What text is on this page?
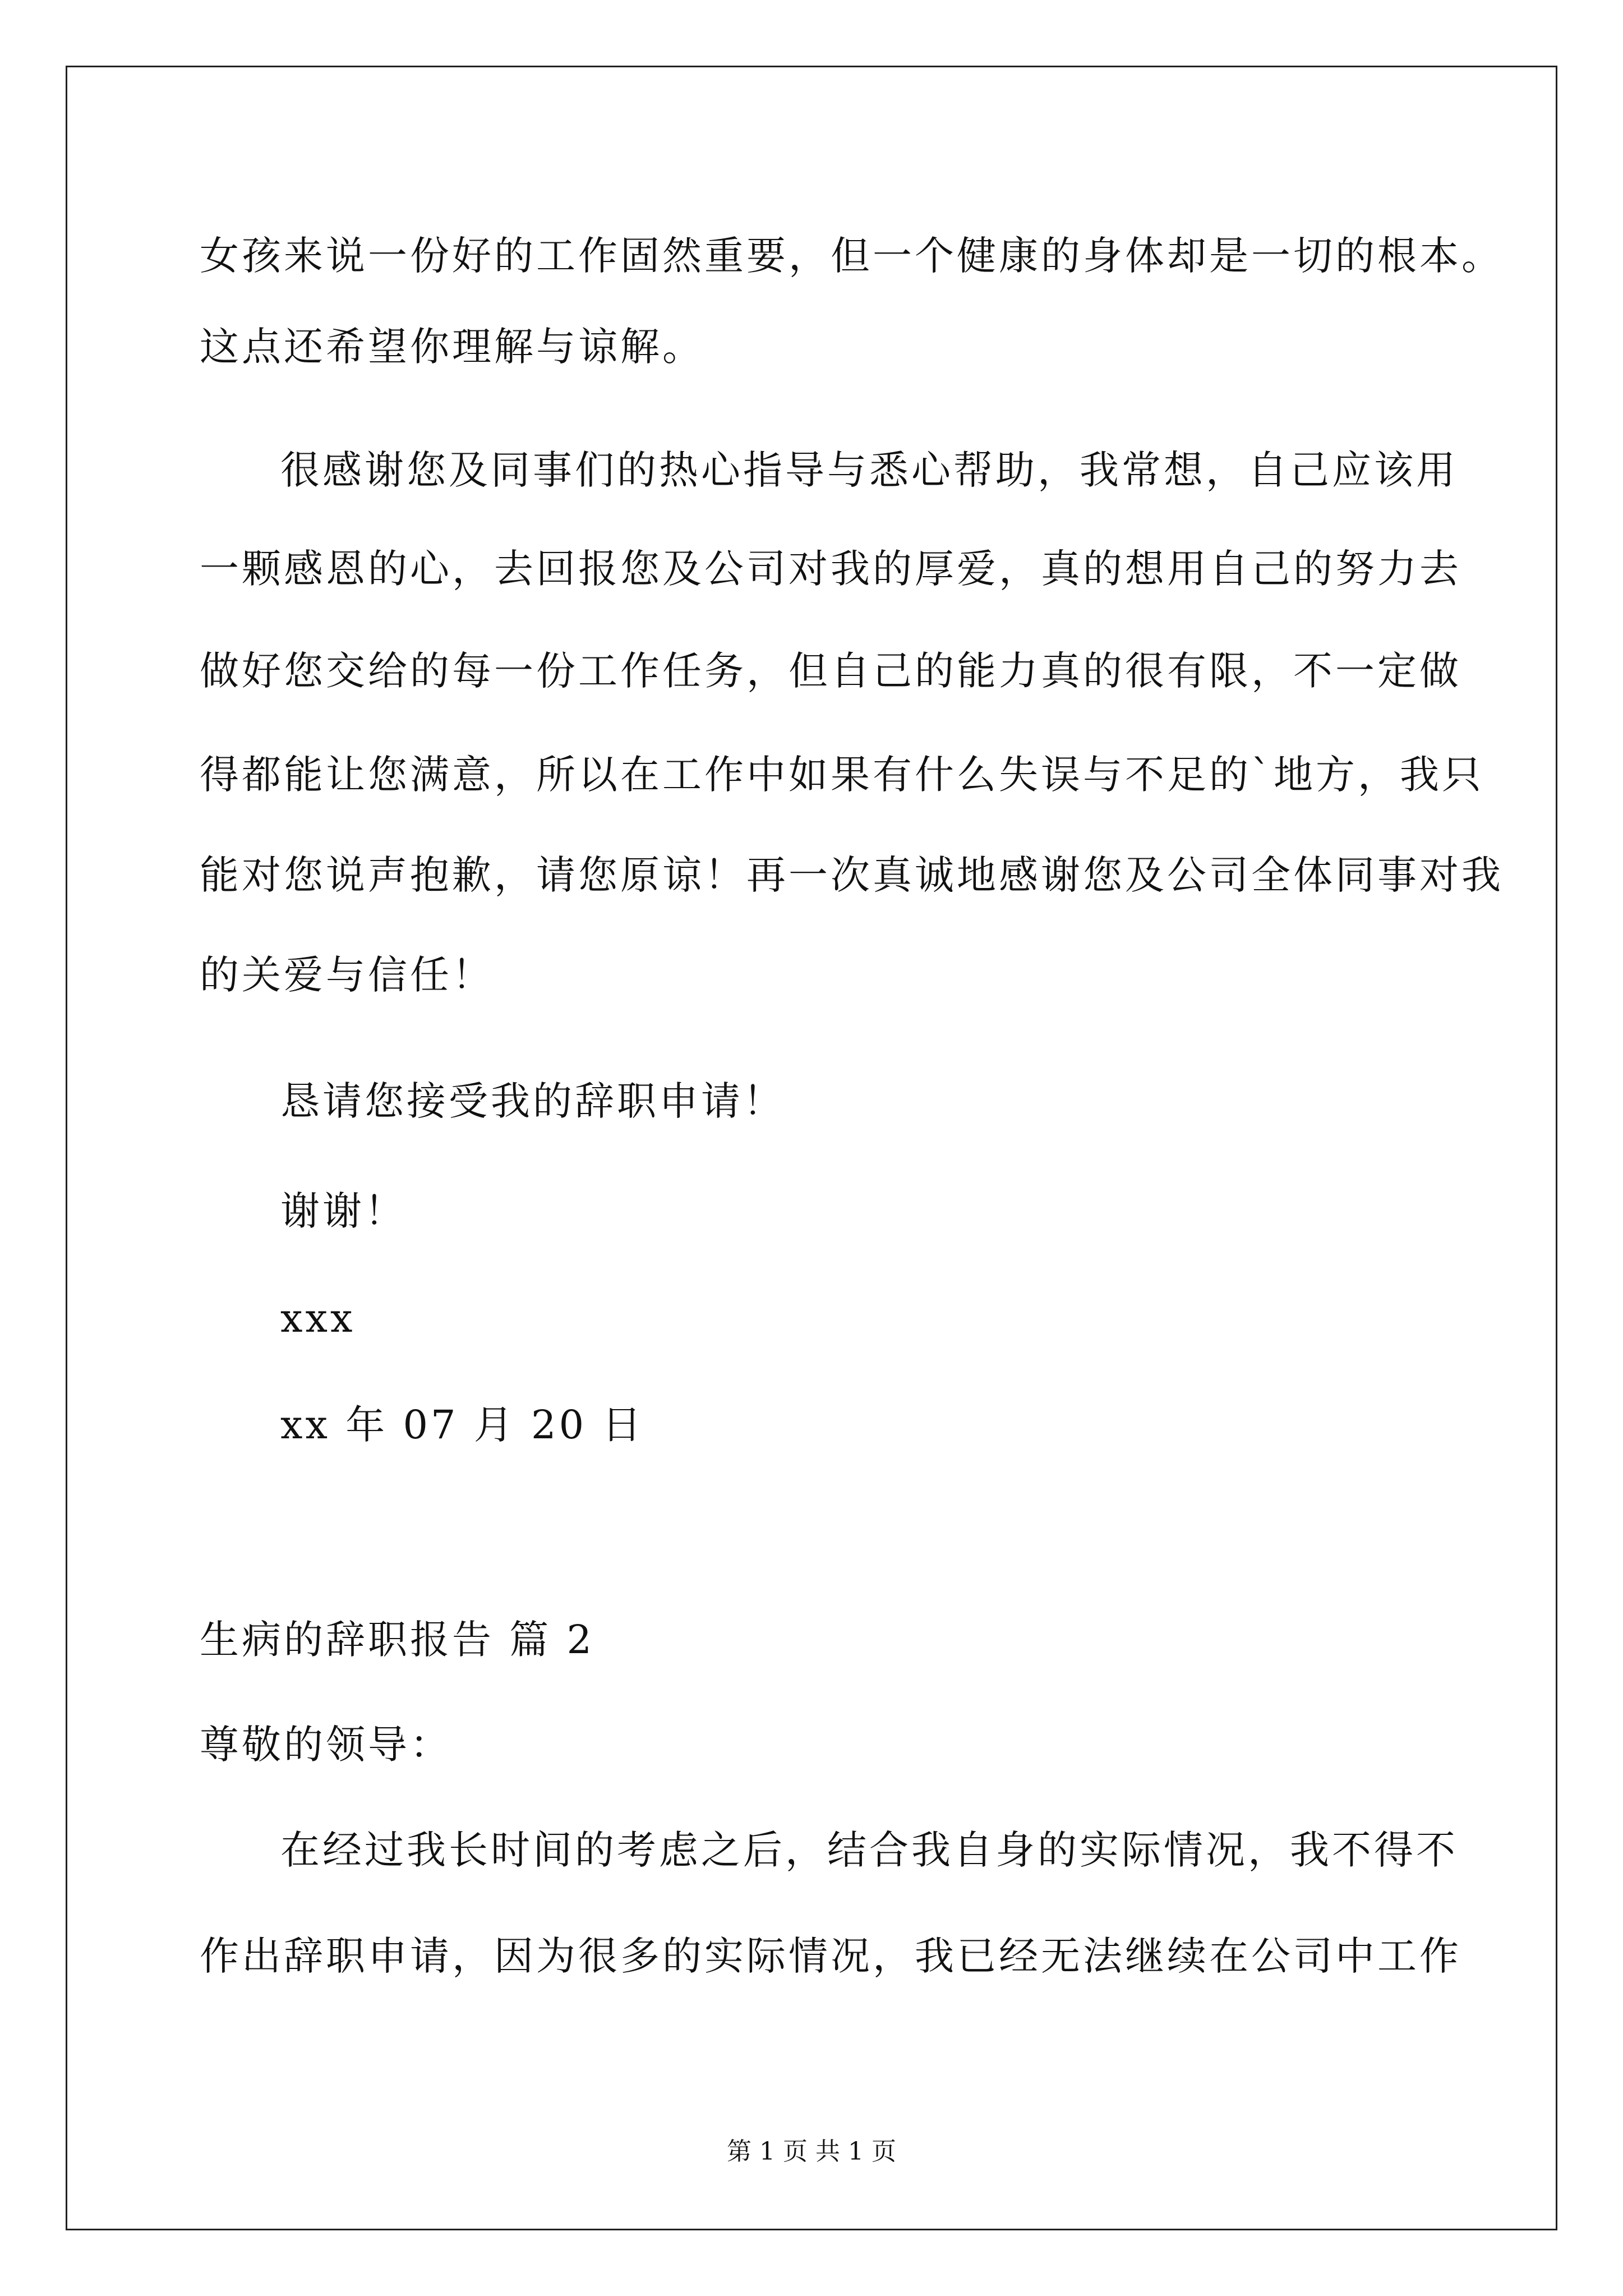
女孩来说一份好的工作固然重要，但一个健康的身体却是一切的根本。
这点还希望你理解与谅解。
很感谢您及同事们的热心指导与悉心帮助，我常想，自己应该用
一颗感恩的心，去回报您及公司对我的厚爱，真的想用自己的努力去
做好您交给的每一份工作任务，但自己的能力真的很有限，不一定做
得都能让您满意，所以在工作中如果有什么失误与不足的`地方，我只
能对您说声抱歉，请您原谅！再一次真诚地感谢您及公司全体同事对我
的关爱与信任！
恳请您接受我的辞职申请！
谢谢！
xxx
xx 年 07 月 20 日
生病的辞职报告 篇 2
尊敬的领导：
在经过我长时间的考虑之后，结合我自身的实际情况，我不得不
作出辞职申请，因为很多的实际情况，我已经无法继续在公司中工作
第 1 页 共 1 页
